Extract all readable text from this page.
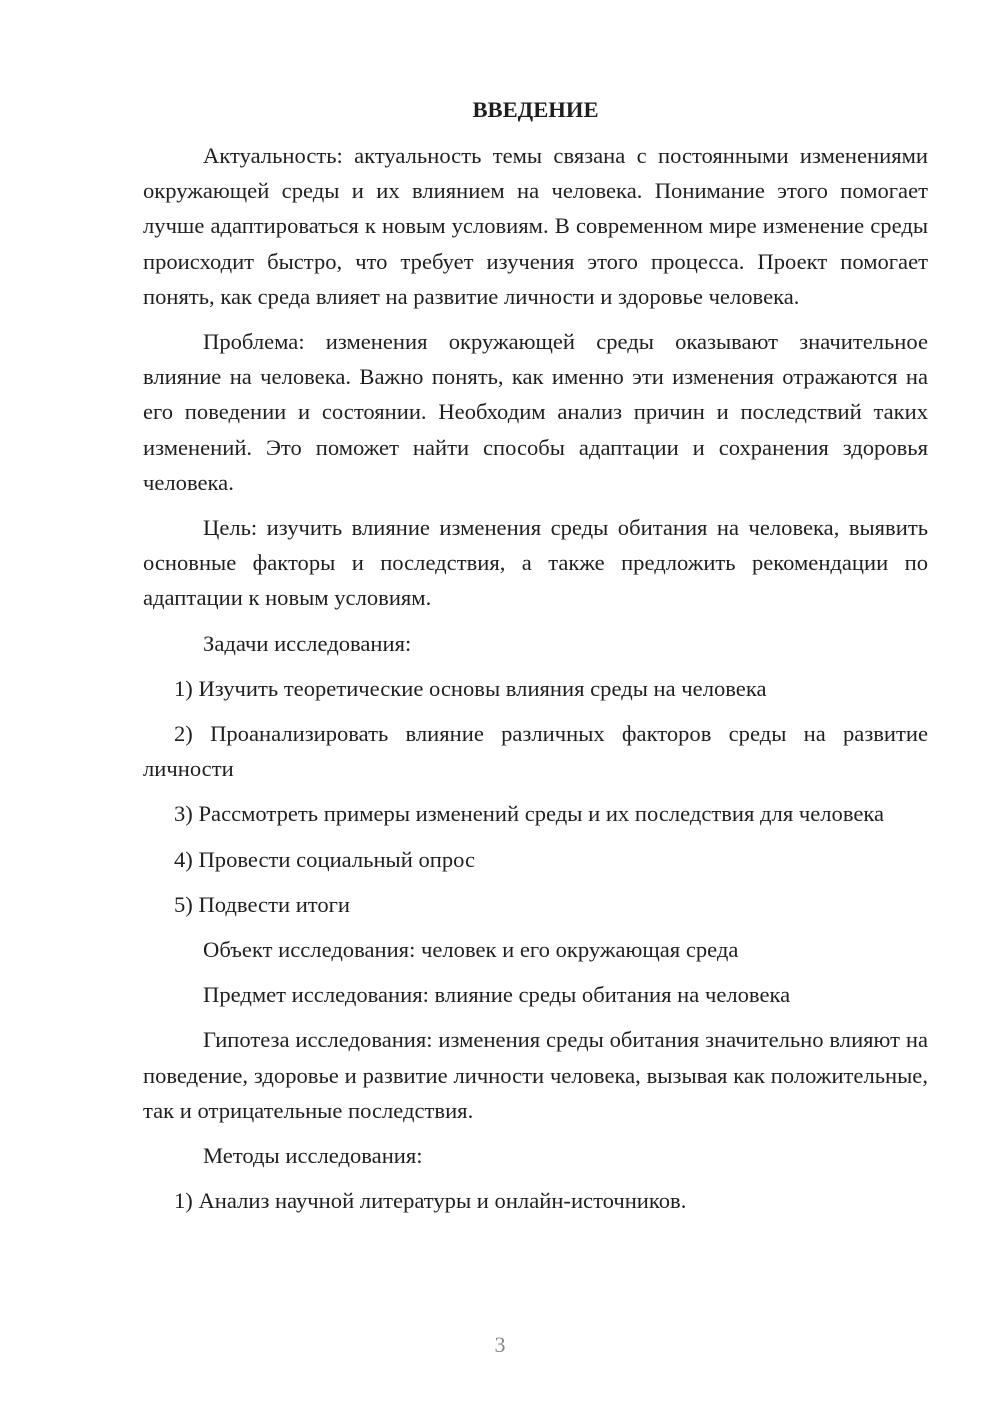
ВВЕДЕНИЕ
Актуальность: актуальность темы связана с постоянными изменениями окружающей среды и их влиянием на человека. Понимание этого помогает лучше адаптироваться к новым условиям. В современном мире изменение среды происходит быстро, что требует изучения этого процесса. Проект помогает понять, как среда влияет на развитие личности и здоровье человека.
Проблема: изменения окружающей среды оказывают значительное влияние на человека. Важно понять, как именно эти изменения отражаются на его поведении и состоянии. Необходим анализ причин и последствий таких изменений. Это поможет найти способы адаптации и сохранения здоровья человека.
Цель: изучить влияние изменения среды обитания на человека, выявить основные факторы и последствия, а также предложить рекомендации по адаптации к новым условиям.
Задачи исследования:
1) Изучить теоретические основы влияния среды на человека
2) Проанализировать влияние различных факторов среды на развитие личности
3) Рассмотреть примеры изменений среды и их последствия для человека
4) Провести социальный опрос
5) Подвести итоги
Объект исследования: человек и его окружающая среда
Предмет исследования: влияние среды обитания на человека
Гипотеза исследования: изменения среды обитания значительно влияют на поведение, здоровье и развитие личности человека, вызывая как положительные, так и отрицательные последствия.
Методы исследования:
1) Анализ научной литературы и онлайн-источников.
3
